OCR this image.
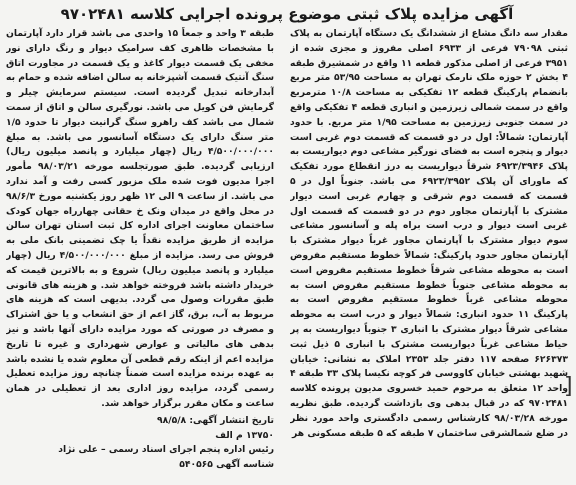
آگهی مزایده پلاک ثبتی موضوع پرونده اجرایی کلاسه ۹۷۰۲۴۸۱
مقدار سه دانگ مشاع از ششدانگ یک دستگاه آپارتمان به پلاک ثبتی ۷۹۰۹۸ فرعی از ۶۹۳۳ اصلی مفروز و مجزی شده از ۳۹۵۱ فرعی از اصلی مذکور قطعه ۱۱ واقع در شمشیرق طبقه ۴ بخش ۲ حوزه ملک نارمک تهران به مساحت ۵۳/۹۵ متر مربع بانضمام پارکینگ قطعه ۱۲ تفکیکی به مساحت ۱۰/۸ مترمربع واقع در سمت شمالی زیرزمین و انباری قطعه ۴ تفکیکی واقع در سمت جنوبی زیرزمین به مساحت ۱/۹۵ متر مربع. با حدود آپارتمان: شمالاً: اول در دو قسمت که قسمت دوم غربی است دیوار و پنجره است به فضای نورگیر مشاعی دوم دیواریست به پلاک ۶۹۲۳/۳۹۴۶ شرقاً دیواریست به درز انقطاع مورد تفکیک که ماورای آن پلاک ۶۹۲۳/۳۹۵۲ می باشد. جنوباً اول در ۵ قسمت که قسمت دوم شرقی و چهارم غربی است دیوار مشترک با آپارتمان مجاور دوم در دو قسمت که قسمت اول غربی است دیوار و درب است براه پله و آسانسور مشاعی سوم دیوار مشترک با آپارتمان مجاور غرباً دیوار مشترک با آپارتمان مجاور حدود پارکینگ: شمالاً خطوط مستقیم مفروض است به محوطه مشاعی شرقاً خطوط مستقیم مفروض است به محوطه مشاعی جنوباً خطوط مستقیم مفروض است به محوطه مشاعی غرباً خطوط مستقیم مفروض است به پارکینگ ۱۱ حدود انباری: شمالاً دیوار و درب است به محوطه مشاعی شرقاً دیوار مشترک با انباری ۳ جنوباً دیواریست به پر حیاط مشاعی غرباً دیواریست مشترک با انباری ۵ ذیل ثبت ۶۲۶۳۷۳ صفحه ۱۱۷ دفتر جلد ۲۳۵۳ املاک به نشانی: خیابان شهید بهشتی خیابان کاووسی فر کوچه نکیسا پلاک ۳۳ طبقه ۴ واحد ۱۲ متعلق به مرحوم حمید خسروی مدیون پرونده کلاسه ۹۷۰۲۴۸۱ که در قبال بدهی وی بازداشت گردیده. طبق نظریه مورخه ۹۸/۰۳/۲۸ کارشناس رسمی دادگستری واحد مورد نظر در ضلع شمالشرقی ساختمان ۷ طبقه که ۵ طبقه مسکونی هر
طبقه ۳ واحد و جمعاً ۱۵ واحدی می باشد قرار دارد آپارتمان با مشخصات ظاهری کف سرامیک دیوار و رنگ دارای نور مخفی یک قسمت دیوار کاغذ و یک قسمت در مجاورت اتاق سنگ آنتیک قسمت آشپزخانه به سالن اضافه شده و حمام به آبدارخانه تبدیل گردیده است. سیستم سرمایش چیلر و گرمایش فن کویل می باشد. نورگیری سالن و اتاق از سمت شمال می باشد کف راهرو سنگ گرانیت دیوار تا حدود ۱/۵ متر سنگ دارای یک دستگاه آسانسور می باشد. به مبلغ ۴/۵۰۰/۰۰۰/۰۰۰ ریال (چهار میلیارد و پانصد میلیون ریال) ارزیابی گردیده. طبق صورتجلسه مورخه ۹۸/۰۳/۲۱ مأمور اجرا مدیون فوت شده ملک مزبور کسی رفت و آمد ندارد می باشد. از ساعت ۹ الی ۱۲ ظهر روز یکشنبه مورخ ۹۸/۶/۳ در محل واقع در میدان ونک خ حقانی چهارراه جهان کودک ساختمان معاونت اجرای اداره کل ثبت استان تهران سالن مزایده از طریق مزایده نقداً یا چک تضمینی بانک ملی به فروش می رسد. مزایده از مبلغ ۴/۵۰۰/۰۰۰/۰۰۰ ریال (چهار میلیارد و پانصد میلیون ریال) شروع و به بالاترین قیمت که خریدار داشته باشد فروخته خواهد شد. و هزینه های قانونی طبق مقررات وصول می گردد. بدیهی است که هزینه های مربوط به آب، برق، گاز اعم از حق انشعاب و یا حق اشتراک و مصرف در صورتی که مورد مزایده دارای آنها باشد و نیز بدهی های مالیاتی و عوارض شهرداری و غیره تا تاریخ مزایده اعم از اینکه رقم قطعی آن معلوم شده یا نشده باشد به عهده برنده مزایده است ضمناً چنانچه روز مزایده تعطیل رسمی گردد، مزایده روز اداری بعد از تعطیلی در همان ساعت و مکان مقرر برگزار خواهد شد.
تاریخ انتشار آگهی: ۹۸/۵/۸
۱۳۷۵۰ م الف
رئیس اداره پنجم اجرای اسناد رسمی – علی نژاد
شناسه آگهی ۵۴۰۵۶۵
]
